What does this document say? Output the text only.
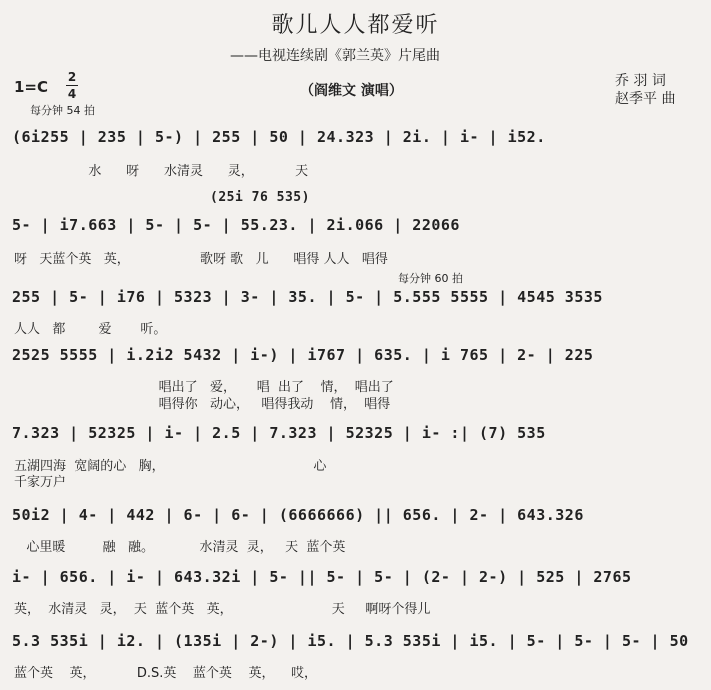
歌儿人人都爱听
——电视连续剧《郭兰英》片尾曲
1=C
2
4
每分钟 54 拍
（阎维文 演唱）
乔 羽 词
赵季平 曲
(6i255 | 235 | 5-) | 255 | 50 | 24.323 | 2i. | i- | i52.
水      呀      水清灵      灵，          天
(25i 76 535)
5- | i7.663 | 5- | 5- | 55.23. | 2i.066 | 22066
呀   天蓝个英   英，                 歌呀 歌   儿      唱得 人人   唱得
每分钟 60 拍
255 | 5- | i76 | 5323 | 3- | 35. | 5- | 5.555 5555 | 4545 3535
人人   都        爱       听。
2525 5555 | i.2i2 5432 | i-) | i767 | 635. | i 765 | 2- | 225
唱出了   爱，     唱  出了    情，  唱出了
唱得你   动心，   唱得我动    情，  唱得
7.323 | 52325 | i- | 2.5 | 7.323 | 52325 | i- :| (7) 535
五湖四海  宽阔的心   胸，                                    心
千家万户
50i2 | 4- | 442 | 6- | 6- | (6666666) || 656. | 2- | 643.326
心里暖         融   融。           水清灵  灵，   天  蓝个英
i- | 656. | i- | 643.32i | 5- || 5- | 5- | (2- | 2-) | 525 | 2765
英，  水清灵   灵，  天  蓝个英   英，                        天     啊呀个得儿
5.3 535i | i2. | (135i | 2-) | i5. | 5.3 535i | i5. | 5- | 5- | 5- | 50
蓝个英    英，          D.S.英    蓝个英    英，    哎，
